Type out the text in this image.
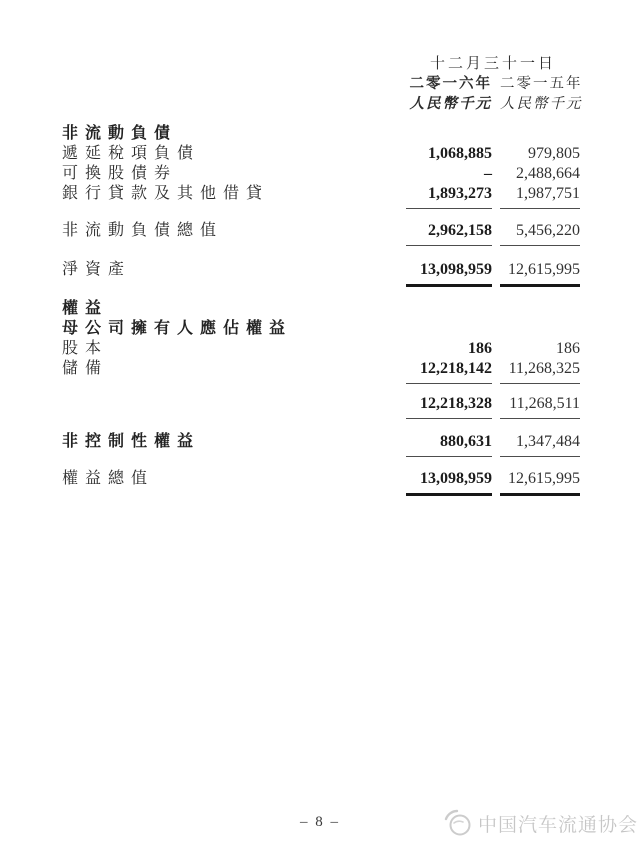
十二月三十一日
二零一六年 二零一五年
人民幣千元 人民幣千元
非流動負債
遞延稅項負債	1,068,885	979,805
可換股債券	–	2,488,664
銀行貸款及其他借貸	1,893,273	1,987,751
非流動負債總值	2,962,158	5,456,220
淨資產	13,098,959	12,615,995
權益
母公司擁有人應佔權益
股本	186	186
儲備	12,218,142	11,268,325
12,218,328	11,268,511
非控制性權益	880,631	1,347,484
權益總值	13,098,959	12,615,995
– 8 –	中国汽车流通协会
